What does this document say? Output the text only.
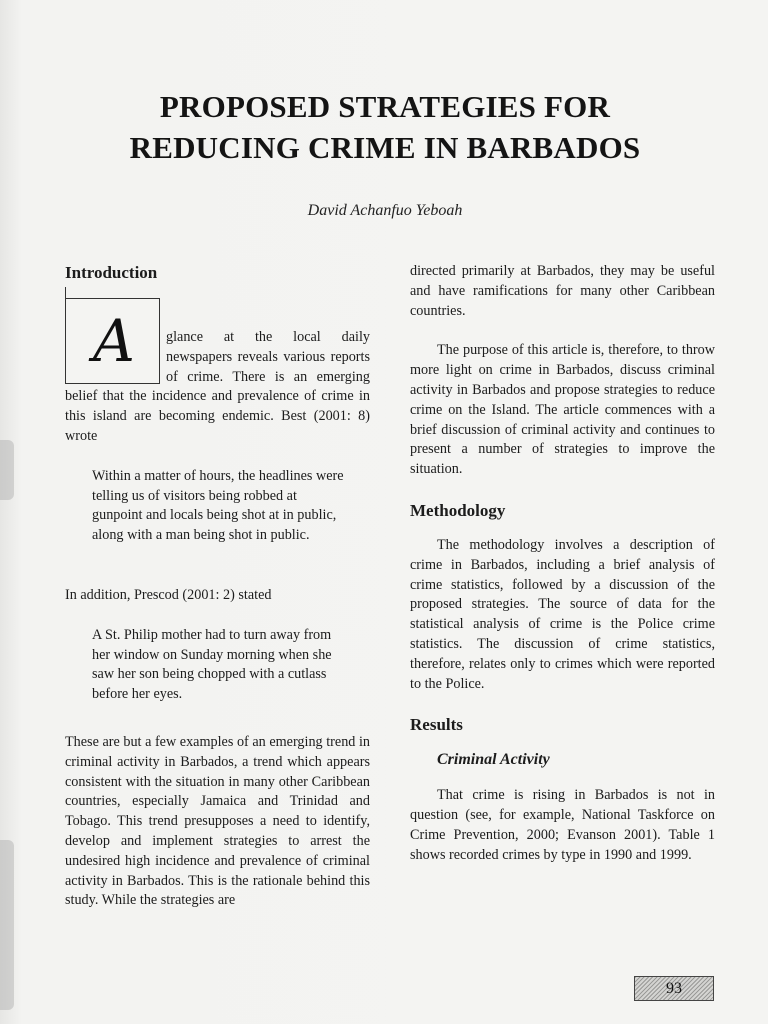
PROPOSED STRATEGIES FOR
REDUCING CRIME IN BARBADOS
David Achanfuo Yeboah
Introduction
A	glance at the local daily newspapers reveals various reports of crime. There is an emerging belief that the incidence and prevalence of crime in this island are becoming endemic. Best (2001: 8) wrote

Within a matter of hours, the headlines were telling us of visitors being robbed at gunpoint and locals being shot at in public, along with a man being shot in public.

In addition, Prescod (2001: 2) stated

A St. Philip mother had to turn away from her window on Sunday morning when she saw her son being chopped with a cutlass before her eyes.

These are but a few examples of an emerging trend in criminal activity in Barbados, a trend which appears consistent with the situation in many other Caribbean countries, especially Jamaica and Trinidad and Tobago. This trend presupposes a need to identify, develop and implement strategies to arrest the undesired high incidence and prevalence of criminal activity in Barbados. This is the rationale behind this study. While the strategies are

directed primarily at Barbados, they may be useful and have ramifications for many other Caribbean countries.

The purpose of this article is, therefore, to throw more light on crime in Barbados, discuss criminal activity in Barbados and propose strategies to reduce crime on the Island. The article commences with a brief discussion of criminal activity and continues to present a number of strategies to improve the situation.

Methodology

The methodology involves a description of crime in Barbados, including a brief analysis of crime statistics, followed by a discussion of the proposed strategies. The source of data for the statistical analysis of crime is the Police crime statistics. The discussion of crime statistics, therefore, relates only to crimes which were reported to the Police.

Results
Criminal Activity

That crime is rising in Barbados is not in question (see, for example, National Taskforce on Crime Prevention, 2000; Evanson 2001). Table 1 shows recorded crimes by type in 1990 and 1999.

93
